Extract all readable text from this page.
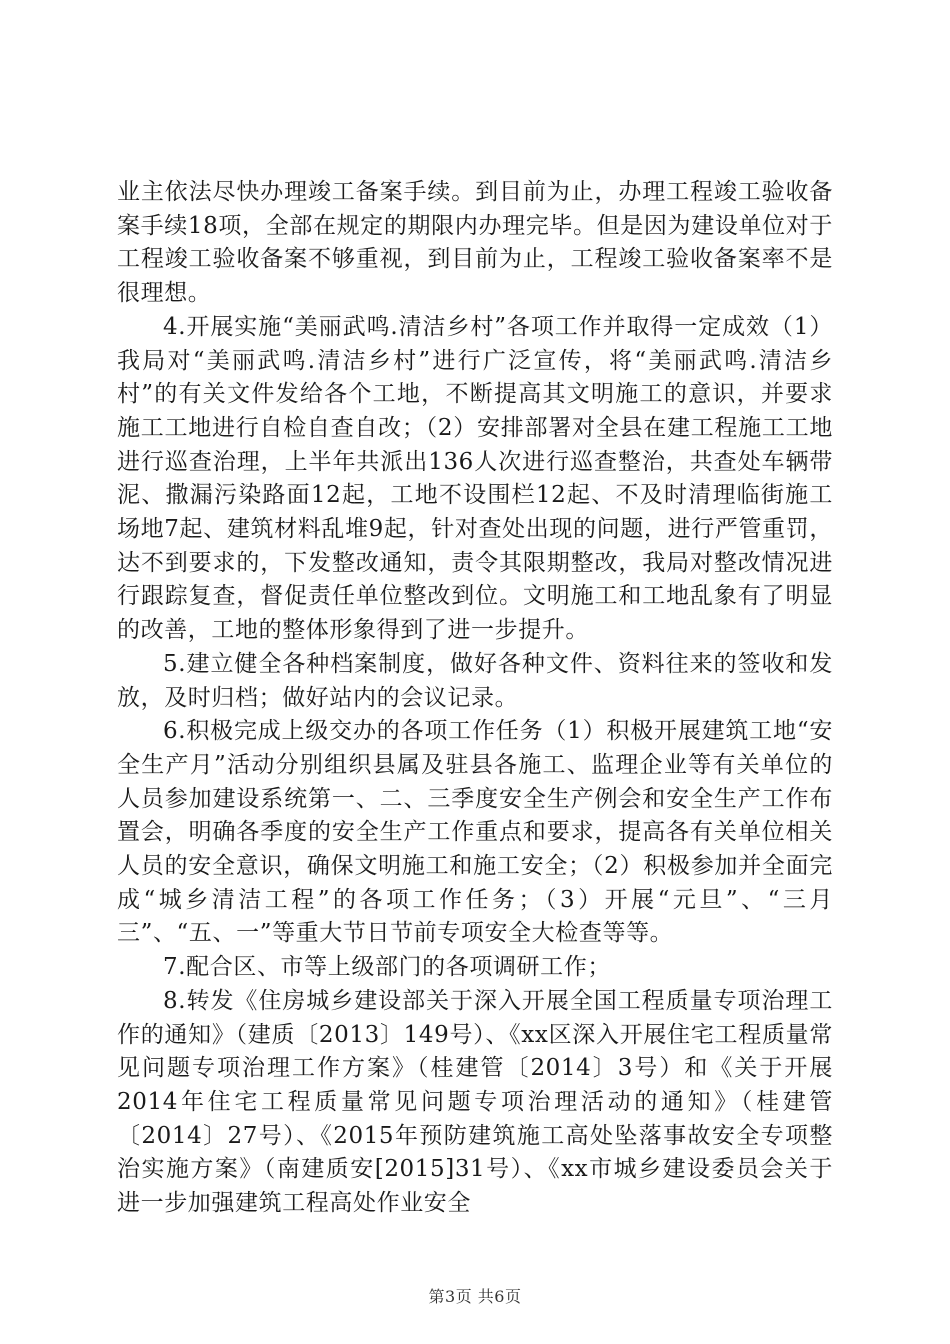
业主依法尽快办理竣工备案手续。到目前为止，办理工程竣工验收备案手续18项，全部在规定的期限内办理完毕。但是因为建设单位对于工程竣工验收备案不够重视，到目前为止，工程竣工验收备案率不是很理想。

4.开展实施“美丽武鸣.清洁乡村”各项工作并取得一定成效（1）我局对“美丽武鸣.清洁乡村”进行广泛宣传，将“美丽武鸣.清洁乡村”的有关文件发给各个工地，不断提高其文明施工的意识，并要求施工工地进行自检自查自改；（2）安排部署对全县在建工程施工工地进行巡查治理，上半年共派出136人次进行巡查整治，共查处车辆带泥、撒漏污染路面12起，工地不设围栏12起、不及时清理临街施工场地7起、建筑材料乱堆9起，针对查处出现的问题，进行严管重罚，达不到要求的，下发整改通知，责令其限期整改，我局对整改情况进行跟踪复查，督促责任单位整改到位。文明施工和工地乱象有了明显的改善，工地的整体形象得到了进一步提升。

5.建立健全各种档案制度，做好各种文件、资料往来的签收和发放，及时归档；做好站内的会议记录。

6.积极完成上级交办的各项工作任务（1）积极开展建筑工地“安全生产月”活动分别组织县属及驻县各施工、监理企业等有关单位的人员参加建设系统第一、二、三季度安全生产例会和安全生产工作布置会，明确各季度的安全生产工作重点和要求，提高各有关单位相关人员的安全意识，确保文明施工和施工安全；（2）积极参加并全面完成“城乡清洁工程”的各项工作任务；（3）开展“元旦”、“三月三”、“五、一”等重大节日节前专项安全大检查等等。

7.配合区、市等上级部门的各项调研工作；

8.转发《住房城乡建设部关于深入开展全国工程质量专项治理工作的通知》（建质〔2013〕149号）、《xx区深入开展住宅工程质量常见问题专项治理工作方案》（桂建管〔2014〕3号）和《关于开展2014年住宅工程质量常见问题专项治理活动的通知》（桂建管〔2014〕27号）、《2015年预防建筑施工高处坠落事故安全专项整治实施方案》（南建质安[2015]31号）、《xx市城乡建设委员会关于进一步加强建筑工程高处作业安全

第3页 共6页
